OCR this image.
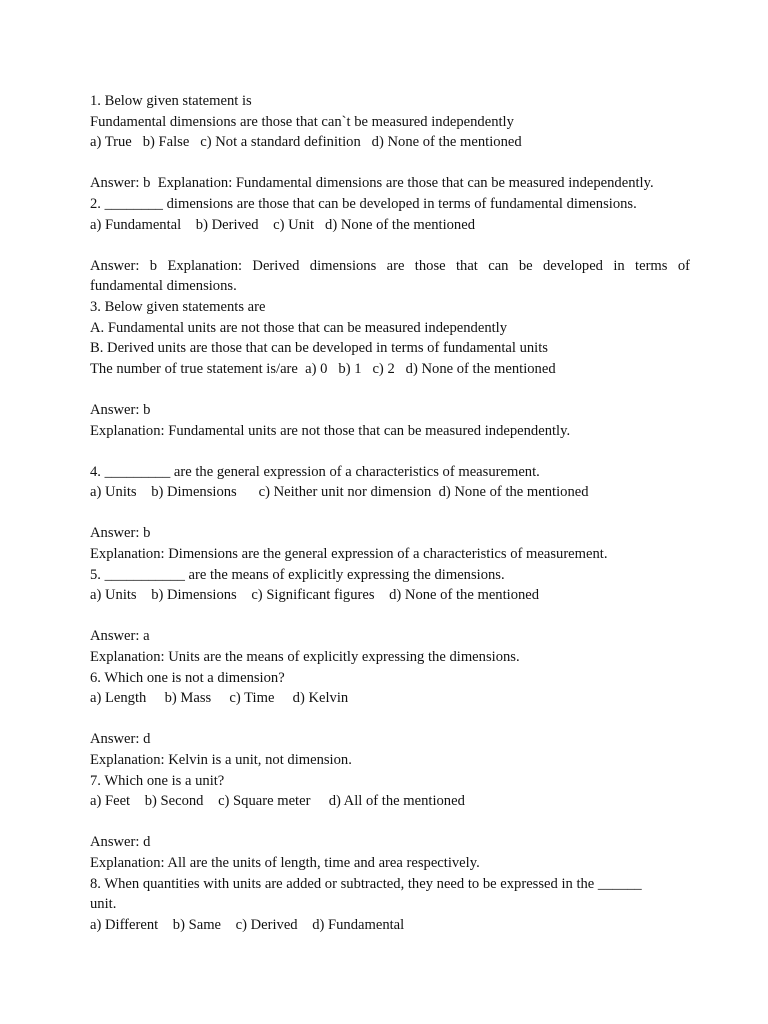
1. Below given statement is
Fundamental dimensions are those that can`t be measured independently
a) True   b) False   c) Not a standard definition   d) None of the mentioned
Answer: b  Explanation: Fundamental dimensions are those that can be measured independently.
2. ________ dimensions are those that can be developed in terms of fundamental dimensions.
a) Fundamental    b) Derived    c) Unit   d) None of the mentioned
Answer: b Explanation: Derived dimensions are those that can be developed in terms of
fundamental dimensions.
3. Below given statements are
A. Fundamental units are not those that can be measured independently
B. Derived units are those that can be developed in terms of fundamental units
The number of true statement is/are  a) 0   b) 1   c) 2   d) None of the mentioned
Answer: b
Explanation: Fundamental units are not those that can be measured independently.
4. _________ are the general expression of a characteristics of measurement.
a) Units    b) Dimensions      c) Neither unit nor dimension  d) None of the mentioned
Answer: b
Explanation: Dimensions are the general expression of a characteristics of measurement.
5. ___________ are the means of explicitly expressing the dimensions.
a) Units    b) Dimensions    c) Significant figures    d) None of the mentioned
Answer: a
Explanation: Units are the means of explicitly expressing the dimensions.
6. Which one is not a dimension?
a) Length     b) Mass     c) Time     d) Kelvin
Answer: d
Explanation: Kelvin is a unit, not dimension.
7. Which one is a unit?
a) Feet    b) Second    c) Square meter     d) All of the mentioned
Answer: d
Explanation: All are the units of length, time and area respectively.
8. When quantities with units are added or subtracted, they need to be expressed in the ______
unit.
a) Different    b) Same    c) Derived    d) Fundamental
